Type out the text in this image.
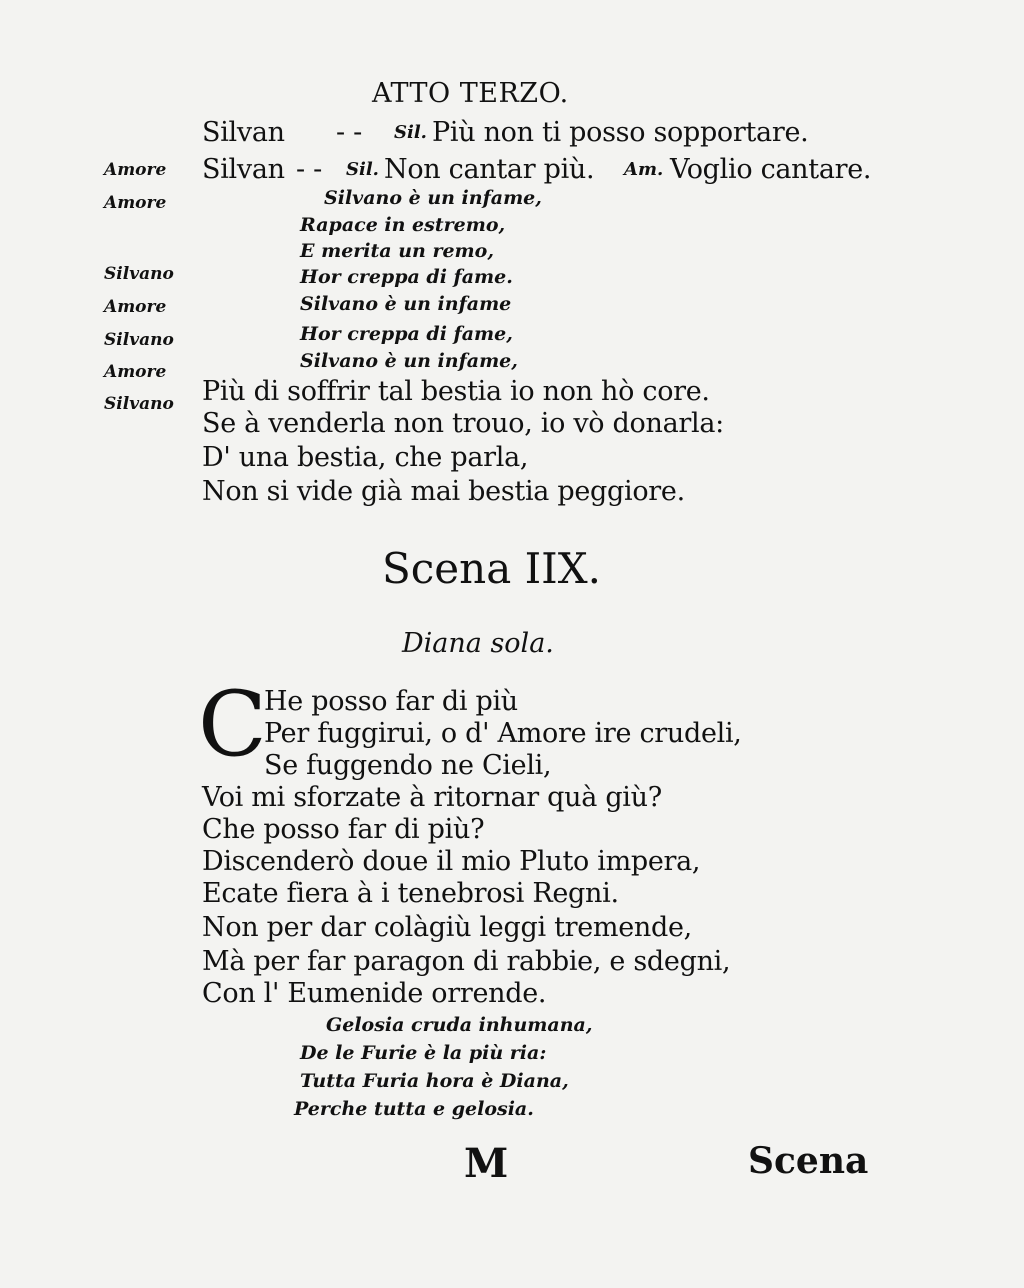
ATTO TERZO.
Silvan - - Sil. Più non ti posso sopportare.
Amore Silvan - - Sil. Non cantar più. Am. Voglio cantare.
Amore
Silvano
Amore
Silvano
Amore
Silvano
Silvano è un infame,
Rapace in estremo,
E merita un remo,
Hor creppa di fame.
Silvano è un infame
Hor creppa di fame,
Silvano è un infame,
Più di soffrir tal bestia io non hò core.
Se à venderla non trouo, io vò donarla:
D' una bestia, che parla,
Non si vide già mai bestia peggiore.
Scena IIX.
Diana sola.
C
He posso far di più
Per fuggirui, o d' Amore ire crudeli,
Se fuggendo ne Cieli,
Voi mi sforzate à ritornar quà giù?
Che posso far di più?
Discenderò doue il mio Pluto impera,
Ecate fiera à i tenebrosi Regni.
Non per dar colàgiù leggi tremende,
Mà per far paragon di rabbie, e sdegni,
Con l' Eumenide orrende.
Gelosia cruda inhumana,
De le Furie è la più ria:
Tutta Furia hora è Diana,
Perche tutta e gelosia.
M	Scena
